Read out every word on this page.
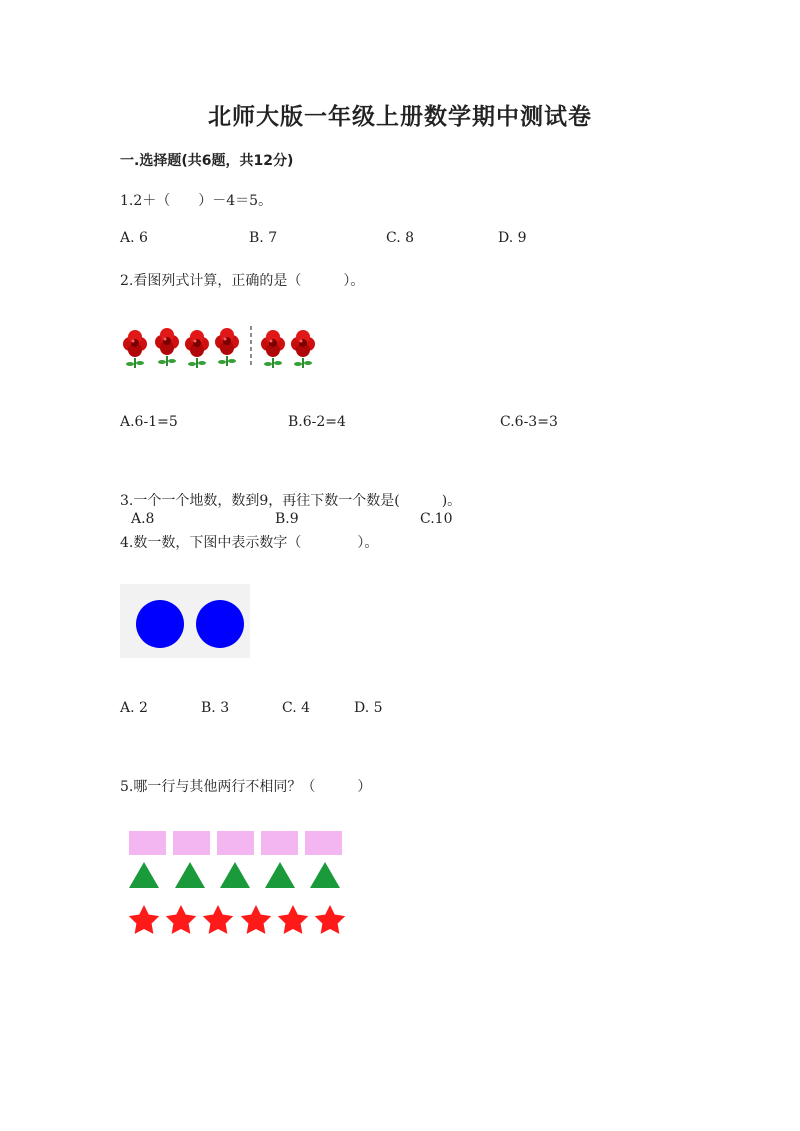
北师大版一年级上册数学期中测试卷
一.选择题(共6题，共12分)
1.2＋（　　）－4＝5。
A. 6	B. 7	C. 8	D. 9
2.看图列式计算，正确的是（　　　）。
A.6-1=5	B.6-2=4	C.6-3=3
3.一个一个地数，数到9，再往下数一个数是(　　　)。
A.8	B.9	C.10
4.数一数，下图中表示数字（　　　　）。
A. 2	B. 3	C. 4	D. 5
5.哪一行与其他两行不相同？（　　　）
